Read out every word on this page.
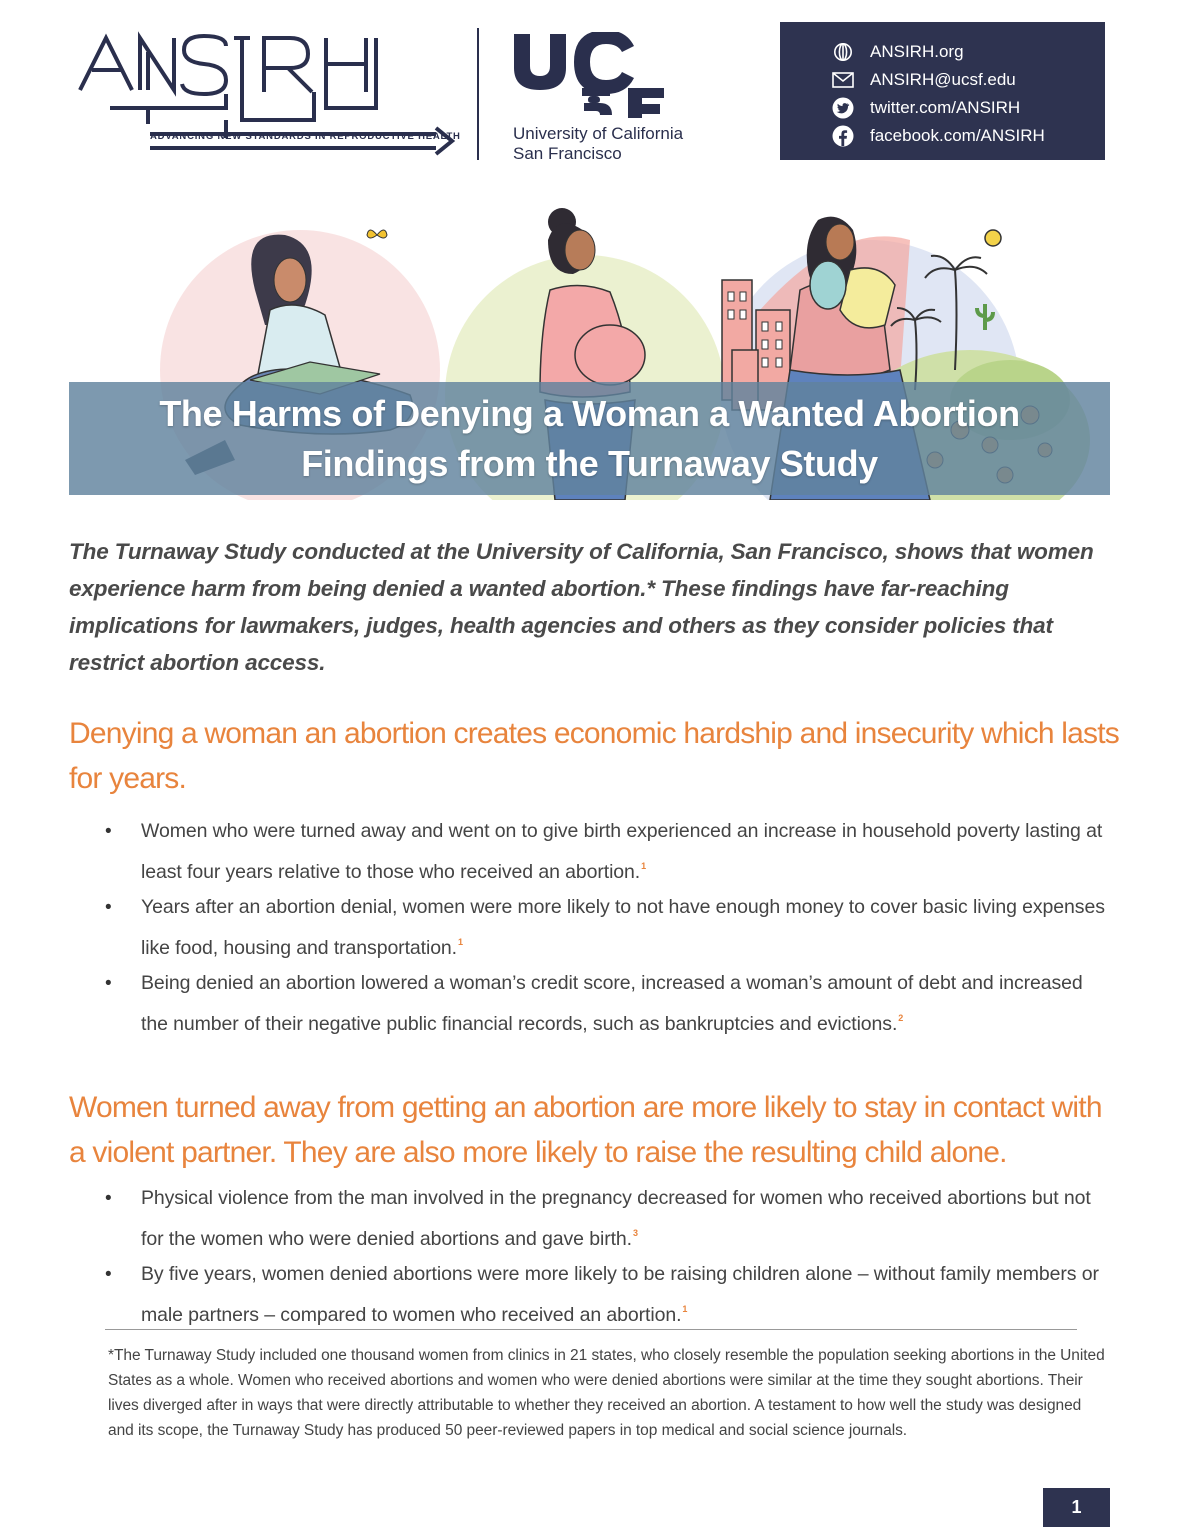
ADVANCING NEW STANDARDS IN REPRODUCTIVE HEALTH	University of California
San Francisco
ANSIRH.org
ANSIRH@ucsf.edu
twitter.com/ANSIRH
facebook.com/ANSIRH
The Harms of Denying a Woman a Wanted Abortion
Findings from the Turnaway Study
The Turnaway Study conducted at the University of California, San Francisco, shows that women experience harm from being denied a wanted abortion.* These findings have far-reaching implications for lawmakers, judges, health agencies and others as they consider policies that restrict abortion access.
Denying a woman an abortion creates economic hardship and insecurity which lasts for years.
• Women who were turned away and went on to give birth experienced an increase in household poverty lasting at least four years relative to those who received an abortion.$^1$
• Years after an abortion denial, women were more likely to not have enough money to cover basic living expenses like food, housing and transportation.$^1$
• Being denied an abortion lowered a woman’s credit score, increased a woman’s amount of debt and increased the number of their negative public financial records, such as bankruptcies and evictions.$^2$
Women turned away from getting an abortion are more likely to stay in contact with a violent partner. They are also more likely to raise the resulting child alone.
• Physical violence from the man involved in the pregnancy decreased for women who received abortions but not for the women who were denied abortions and gave birth.$^3$
• By five years, women denied abortions were more likely to be raising children alone – without family members or male partners – compared to women who received an abortion.$^1$
*The Turnaway Study included one thousand women from clinics in 21 states, who closely resemble the population seeking abortions in the United States as a whole. Women who received abortions and women who were denied abortions were similar at the time they sought abortions. Their lives diverged after in ways that were directly attributable to whether they received an abortion. A testament to how well the study was designed and its scope, the Turnaway Study has produced 50 peer-reviewed papers in top medical and social science journals.
1
